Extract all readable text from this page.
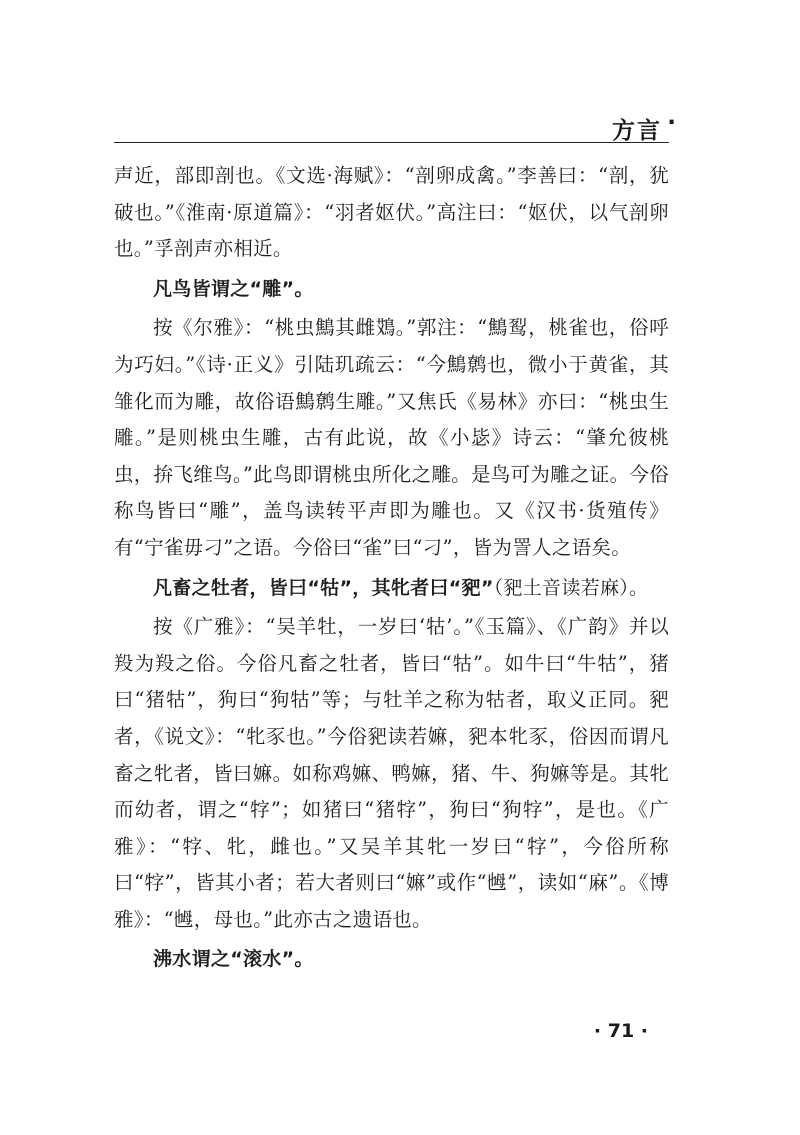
方言 ·

声近，部即剖也。《文选·海赋》：“剖卵成禽。”李善曰：“剖，犹破也。”《淮南·原道篇》：“羽者妪伏。”高注曰：“妪伏，以气剖卵也。”孚剖声亦相近。

凡鸟皆谓之“雕”。

按《尔雅》：“桃虫鷦其雌鴱。”郭注：“鷦䴕，桃雀也，俗呼为巧妇。”《诗·正义》引陆玑疏云：“今鷦鹩也，微小于黄雀，其雏化而为雕，故俗语鷦鹩生雕。”又焦氏《易林》亦曰：“桃虫生雕。”是则桃虫生雕，古有此说，故《小毖》诗云：“肇允彼桃虫，拚飞维鸟。”此鸟即谓桃虫所化之雕。是鸟可为雕之证。今俗称鸟皆曰“雕”，盖鸟读转平声即为雕也。又《汉书·货殖传》有“宁雀毋刁”之语。今俗曰“雀”曰“刁”，皆为詈人之语矣。

凡畜之牡者，皆曰“牯”，其牝者曰“豝”（豝土音读若麻）。

按《广雅》：“吴羊牡，一岁曰‘牯’。”《玉篇》、《广韵》并以羖为羖之俗。今俗凡畜之牡者，皆曰“牯”。如牛曰“牛牯”，猪曰“猪牯”，狗曰“狗牯”等；与牡羊之称为牯者，取义正同。豝者，《说文》：“牝豕也。”今俗豝读若嫲，豝本牝豕，俗因而谓凡畜之牝者，皆曰嫲。如称鸡嫲、鸭嫲，猪、牛、狗嫲等是。其牝而幼者，谓之“牸”；如猪曰“猪牸”，狗曰“狗牸”，是也。《广雅》：“牸、牝，雌也。”又吴羊其牝一岁曰“牸”，今俗所称曰“牸”，皆其小者；若大者则曰“嫲”或作“乸”，读如“麻”。《博雅》：“乸，母也。”此亦古之遗语也。

沸水谓之“滚水”。

· 71 ·
